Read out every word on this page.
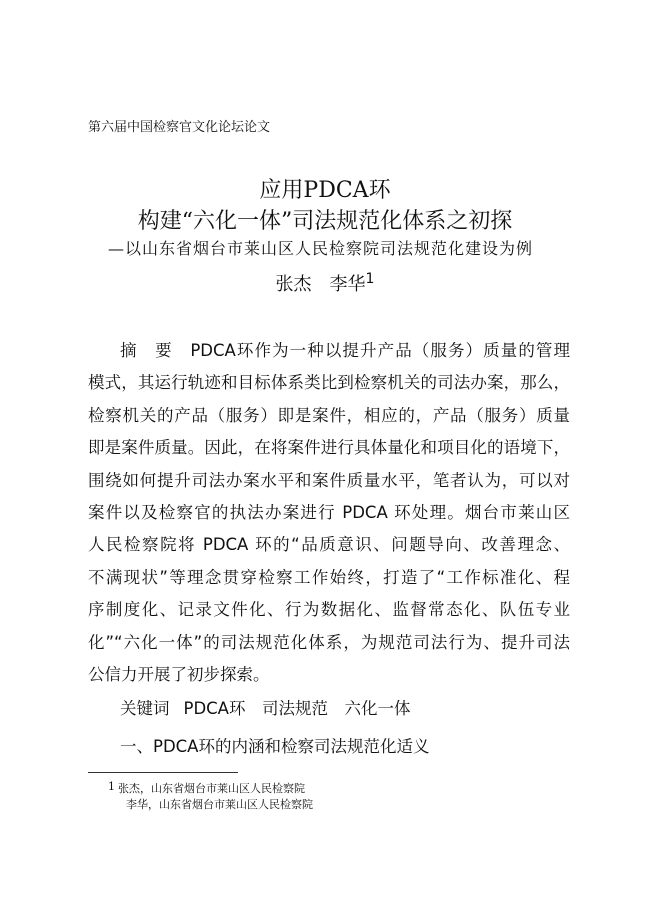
第六届中国检察官文化论坛论文
应用PDCA环
构建“六化一体”司法规范化体系之初探
—以山东省烟台市莱山区人民检察院司法规范化建设为例
张杰　李华$^1$
摘　要　PDCA环作为一种以提升产品（服务）质量的管理
模式，其运行轨迹和目标体系类比到检察机关的司法办案，那么，
检察机关的产品（服务）即是案件，相应的，产品（服务）质量
即是案件质量。因此，在将案件进行具体量化和项目化的语境下，
围绕如何提升司法办案水平和案件质量水平，笔者认为，可以对
案件以及检察官的执法办案进行 PDCA 环处理。烟台市莱山区
人民检察院将 PDCA 环的“品质意识、问题导向、改善理念、
不满现状”等理念贯穿检察工作始终，打造了“工作标准化、程
序制度化、记录文件化、行为数据化、监督常态化、队伍专业
化”“六化一体”的司法规范化体系，为规范司法行为、提升司法
公信力开展了初步探索。
关键词 PDCA环　司法规范　六化一体
一、PDCA环的内涵和检察司法规范化适义
1 张杰，山东省烟台市莱山区人民检察院
李华，山东省烟台市莱山区人民检察院
